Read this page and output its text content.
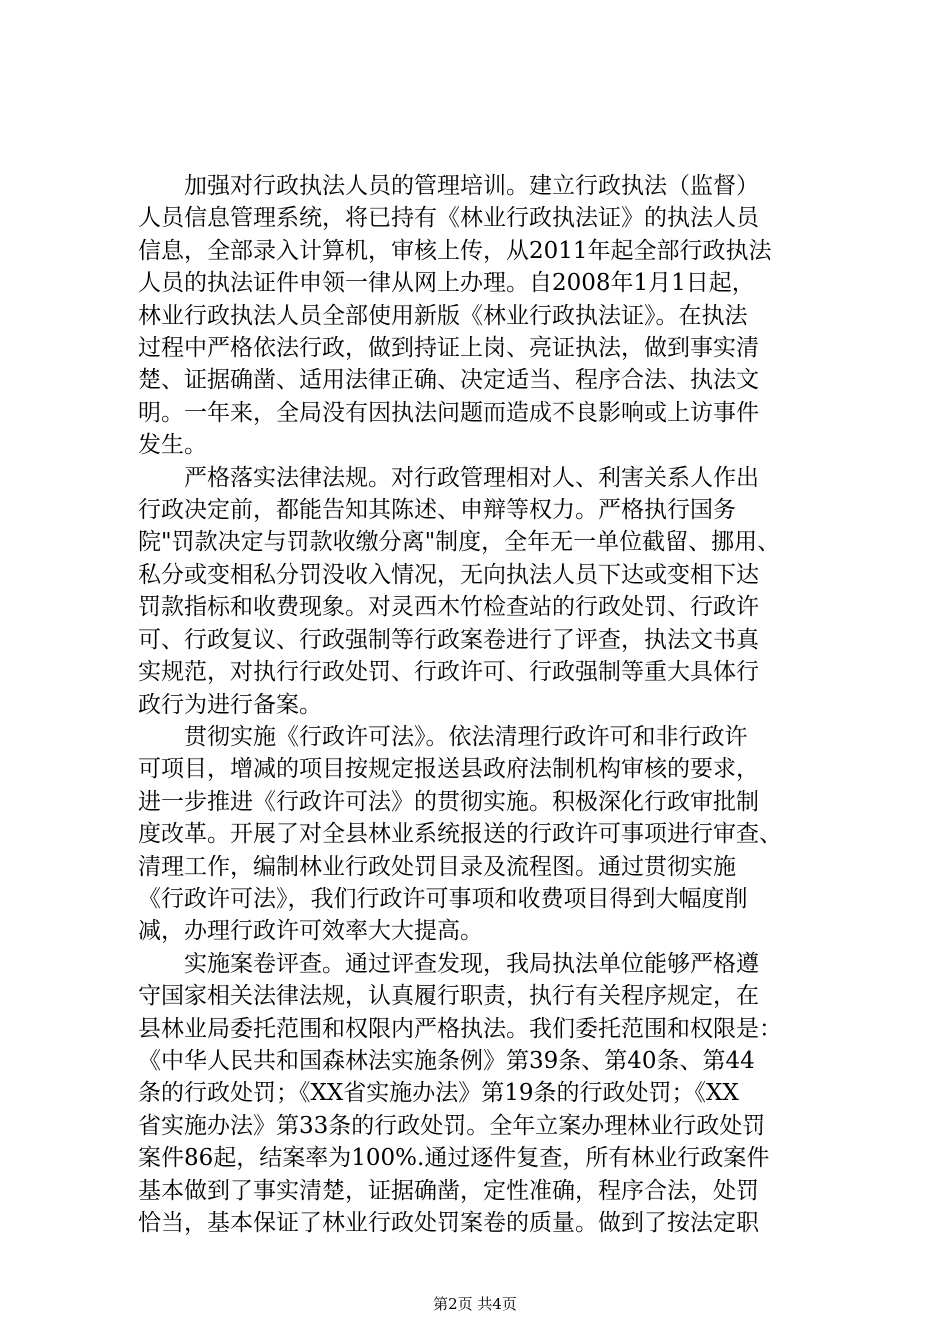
加强对行政执法人员的管理培训。建立行政执法（监督）
人员信息管理系统，将已持有《林业行政执法证》的执法人员
信息，全部录入计算机，审核上传，从2011年起全部行政执法
人员的执法证件申领一律从网上办理。自2008年1月1日起，
林业行政执法人员全部使用新版《林业行政执法证》。在执法
过程中严格依法行政，做到持证上岗、亮证执法，做到事实清
楚、证据确凿、适用法律正确、决定适当、程序合法、执法文
明。一年来，全局没有因执法问题而造成不良影响或上访事件
发生。
严格落实法律法规。对行政管理相对人、利害关系人作出
行政决定前，都能告知其陈述、申辩等权力。严格执行国务
院"罚款决定与罚款收缴分离"制度，全年无一单位截留、挪用、
私分或变相私分罚没收入情况，无向执法人员下达或变相下达
罚款指标和收费现象。对灵西木竹检查站的行政处罚、行政许
可、行政复议、行政强制等行政案卷进行了评查，执法文书真
实规范，对执行行政处罚、行政许可、行政强制等重大具体行
政行为进行备案。
贯彻实施《行政许可法》。依法清理行政许可和非行政许
可项目，增减的项目按规定报送县政府法制机构审核的要求，
进一步推进《行政许可法》的贯彻实施。积极深化行政审批制
度改革。开展了对全县林业系统报送的行政许可事项进行审查、
清理工作，编制林业行政处罚目录及流程图。通过贯彻实施
《行政许可法》，我们行政许可事项和收费项目得到大幅度削
减，办理行政许可效率大大提高。
实施案卷评查。通过评查发现，我局执法单位能够严格遵
守国家相关法律法规，认真履行职责，执行有关程序规定，在
县林业局委托范围和权限内严格执法。我们委托范围和权限是：
《中华人民共和国森林法实施条例》第39条、第40条、第44
条的行政处罚；《XX省实施办法》第19条的行政处罚；《XX
省实施办法》第33条的行政处罚。全年立案办理林业行政处罚
案件86起，结案率为100%.通过逐件复查，所有林业行政案件
基本做到了事实清楚，证据确凿，定性准确，程序合法，处罚
恰当，基本保证了林业行政处罚案卷的质量。做到了按法定职
第2页 共4页
